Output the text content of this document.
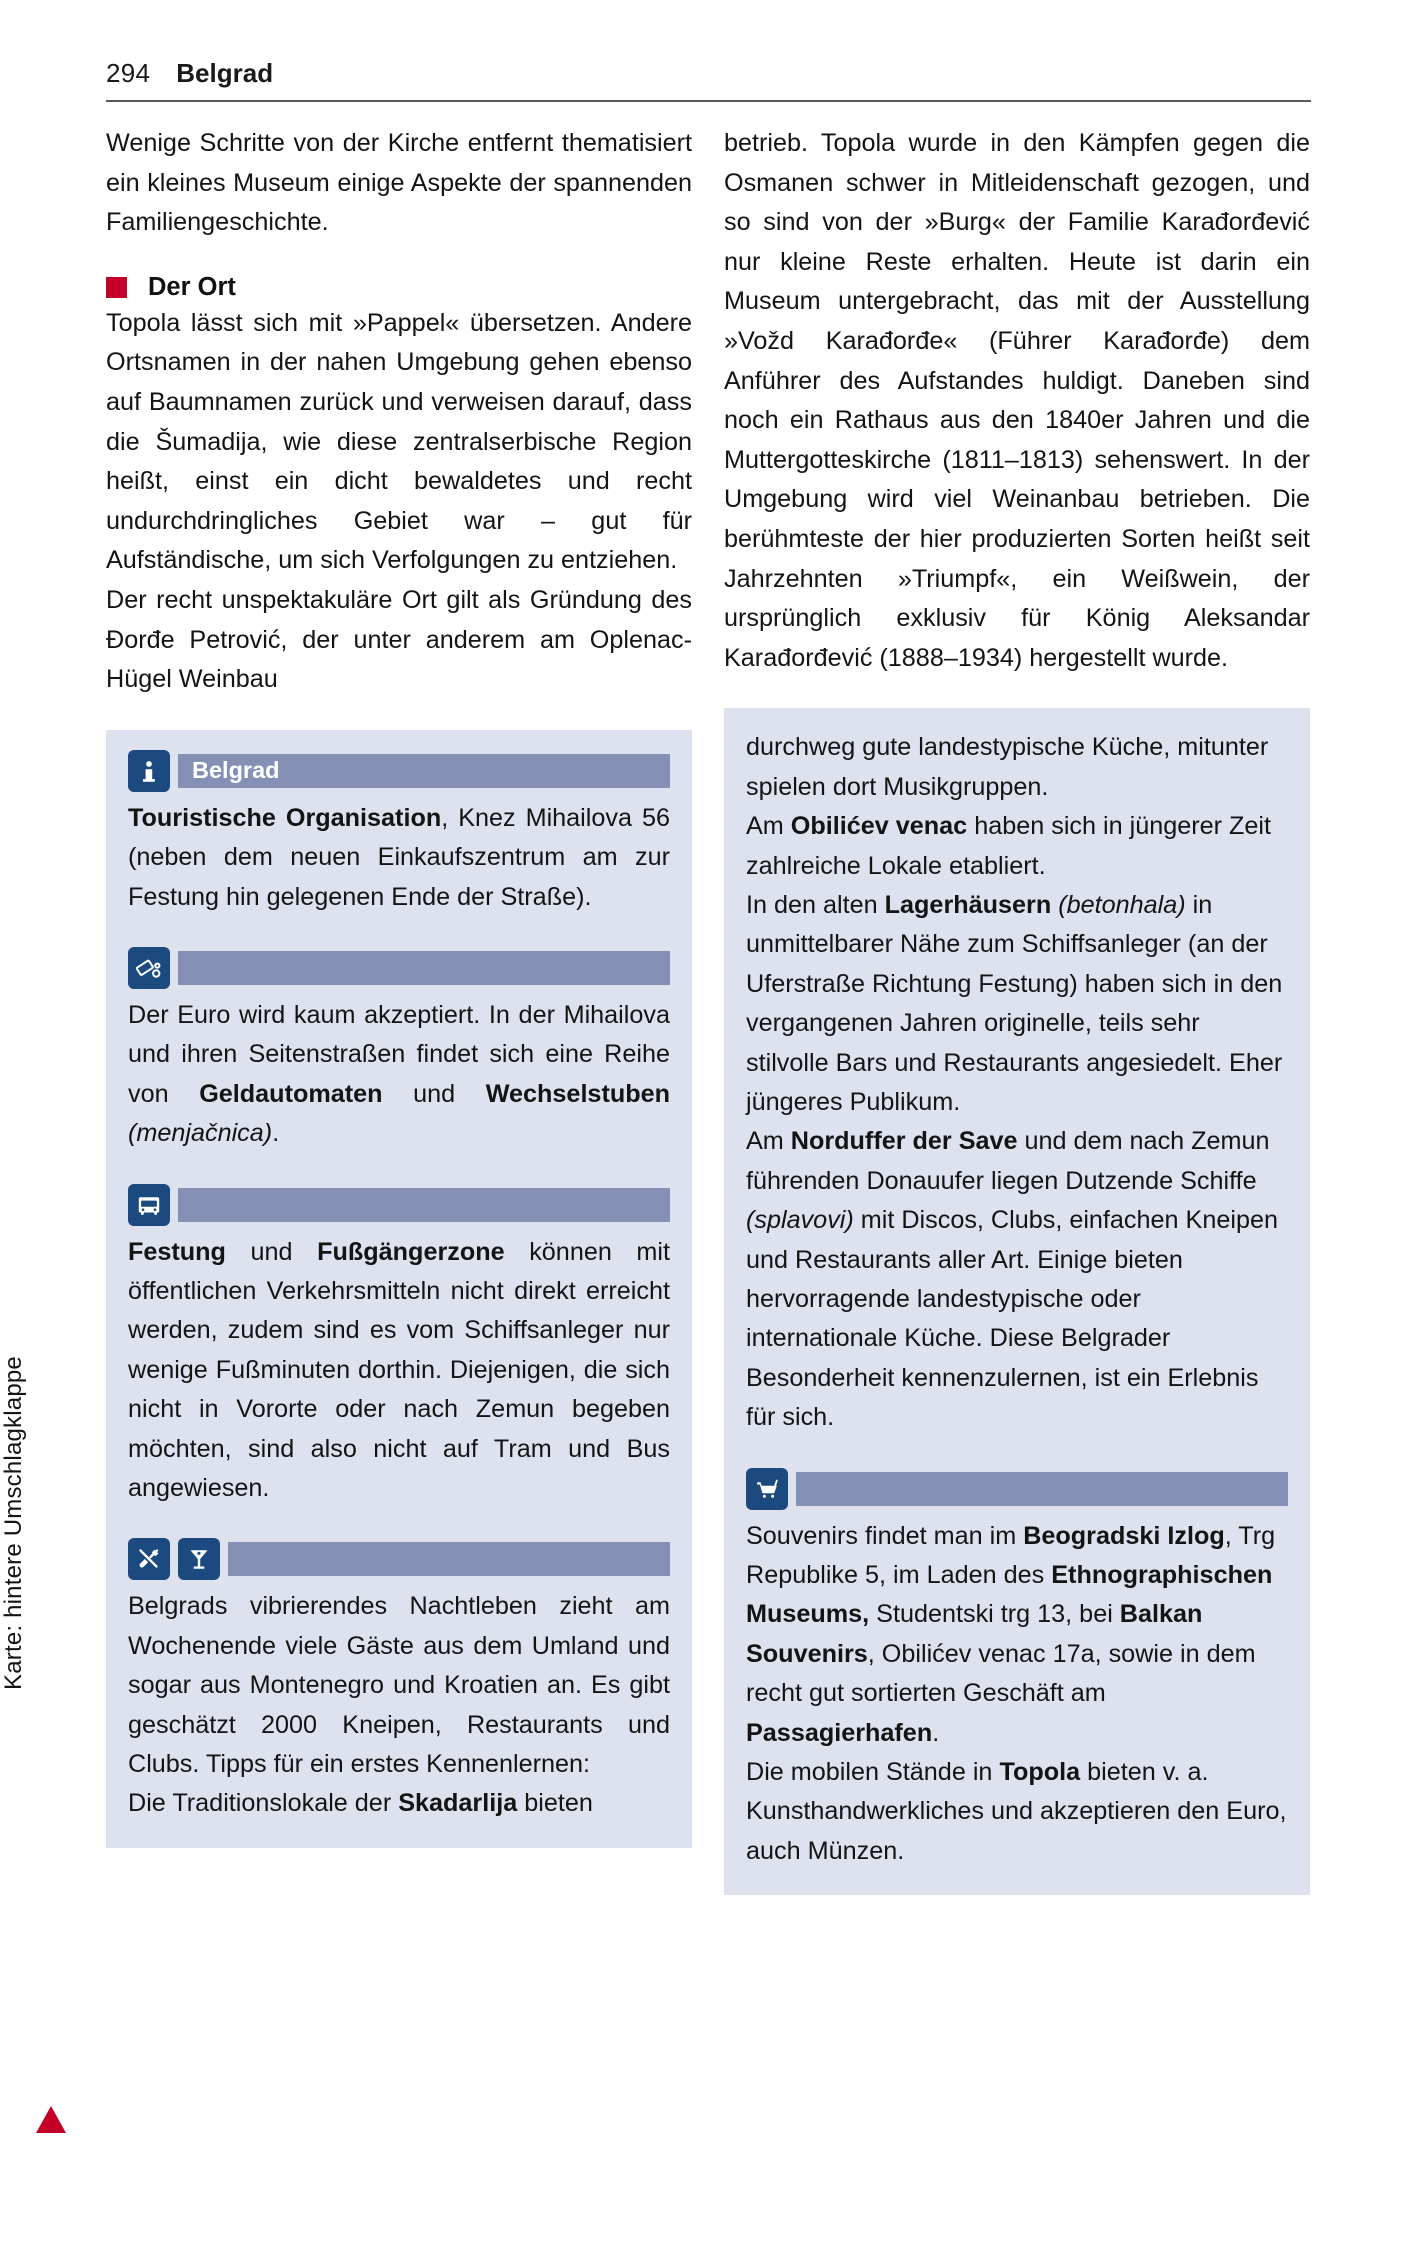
294 Belgrad
Karte: hintere Umschlagklappe

Wenige Schritte von der Kirche entfernt thematisiert ein kleines Museum einige Aspekte der spannenden Familiengeschichte.

Der Ort

Topola lässt sich mit »Pappel« übersetzen. Andere Ortsnamen in der nahen Umgebung gehen ebenso auf Baumnamen zurück und verweisen darauf, dass die Šumadija, wie diese zentralserbische Region heißt, einst ein dicht bewaldetes und recht undurchdringliches Gebiet war – gut für Aufständische, um sich Verfolgungen zu entziehen.

Der recht unspektakuläre Ort gilt als Gründung des Đorđe Petrović, der unter anderem am Oplenac-Hügel Weinbau

Belgrad

Touristische Organisation, Knez Mihailova 56 (neben dem neuen Einkaufszentrum am zur Festung hin gelegenen Ende der Straße).

Der Euro wird kaum akzeptiert. In der Mihailova und ihren Seitenstraßen findet sich eine Reihe von Geldautomaten und Wechselstuben (menjačnica).

Festung und Fußgängerzone können mit öffentlichen Verkehrsmitteln nicht direkt erreicht werden, zudem sind es vom Schiffsanleger nur wenige Fußminuten dorthin. Diejenigen, die sich nicht in Vororte oder nach Zemun begeben möchten, sind also nicht auf Tram und Bus angewiesen.

Belgrads vibrierendes Nachtleben zieht am Wochenende viele Gäste aus dem Umland und sogar aus Montenegro und Kroatien an. Es gibt geschätzt 2000 Kneipen, Restaurants und Clubs. Tipps für ein erstes Kennenlernen:

Die Traditionslokale der Skadarlija bieten

betrieb. Topola wurde in den Kämpfen gegen die Osmanen schwer in Mitleidenschaft gezogen, und so sind von der »Burg« der Familie Karađorđević nur kleine Reste erhalten. Heute ist darin ein Museum untergebracht, das mit der Ausstellung »Vožd Karađorđe« (Führer Karađorđe) dem Anführer des Aufstandes huldigt. Daneben sind noch ein Rathaus aus den 1840er Jahren und die Muttergotteskirche (1811–1813) sehenswert. In der Umgebung wird viel Weinanbau betrieben. Die berühmteste der hier produzierten Sorten heißt seit Jahrzehnten »Triumpf«, ein Weißwein, der ursprünglich exklusiv für König Aleksandar Karađorđević (1888–1934) hergestellt wurde.

durchweg gute landestypische Küche, mitunter spielen dort Musikgruppen.

Am Obilićev venac haben sich in jüngerer Zeit zahlreiche Lokale etabliert.

In den alten Lagerhäusern (betonhala) in unmittelbarer Nähe zum Schiffsanleger (an der Uferstraße Richtung Festung) haben sich in den vergangenen Jahren originelle, teils sehr stilvolle Bars und Restaurants angesiedelt. Eher jüngeres Publikum.

Am Norduffer der Save und dem nach Zemun führenden Donauufer liegen Dutzende Schiffe (splavovi) mit Discos, Clubs, einfachen Kneipen und Restaurants aller Art. Einige bieten hervorragende landestypische oder internationale Küche. Diese Belgrader Besonderheit kennenzulernen, ist ein Erlebnis für sich.

Souvenirs findet man im Beogradski Izlog, Trg Republike 5, im Laden des Ethnographischen Museums, Studentski trg 13, bei Balkan Souvenirs, Obilićev venac 17a, sowie in dem recht gut sortierten Geschäft am Passagierhafen.

Die mobilen Stände in Topola bieten v. a. Kunsthandwerkliches und akzeptieren den Euro, auch Münzen.
